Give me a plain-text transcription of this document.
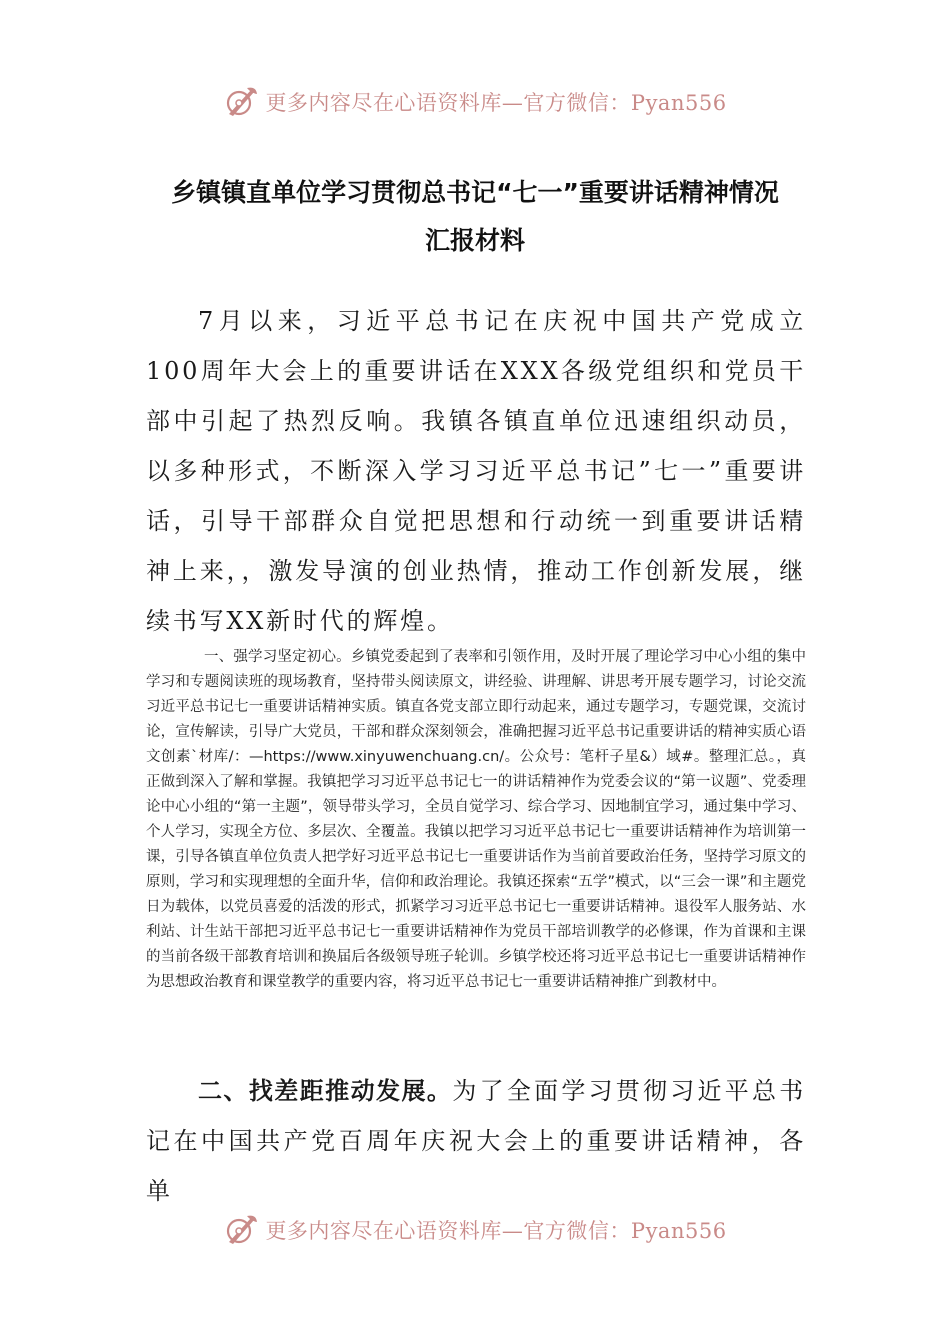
更多内容尽在心语资料库—官方微信：Pyan556
乡镇镇直单位学习贯彻总书记“七一”重要讲话精神情况
汇报材料

7月以来，习近平总书记在庆祝中国共产党成立100周年大会上的重要讲话在XXX各级党组织和党员干部中引起了热烈反响。我镇各镇直单位迅速组织动员，以多种形式，不断深入学习习近平总书记”七一”重要讲话，引导干部群众自觉把思想和行动统一到重要讲话精神上来，，激发导演的创业热情，推动工作创新发展，继续书写XX新时代的辉煌。

一、强学习坚定初心。乡镇党委起到了表率和引领作用，及时开展了理论学习中心小组的集中学习和专题阅读班的现场教育，坚持带头阅读原文，讲经验、讲理解、讲思考开展专题学习，讨论交流习近平总书记七一重要讲话精神实质。镇直各党支部立即行动起来，通过专题学习，专题党课，交流讨论，宣传解读，引导广大党员，干部和群众深刻领会，准确把握习近平总书记重要讲话的精神实质心语文创素`材库/：—https://www.xinyuwenchuang.cn/。公众号：笔杆子星&）域#。整理汇总。，真正做到深入了解和掌握。我镇把学习习近平总书记七一的讲话精神作为党委会议的“第一议题”、党委理论中心小组的“第一主题”，领导带头学习，全员自觉学习、综合学习、因地制宜学习，通过集中学习、个人学习，实现全方位、多层次、全覆盖。我镇以把学习习近平总书记七一重要讲话精神作为培训第一课，引导各镇直单位负责人把学好习近平总书记七一重要讲话作为当前首要政治任务，坚持学习原文的原则，学习和实现理想的全面升华，信仰和政治理论。我镇还探索“五学”模式，以“三会一课”和主题党日为载体，以党员喜爱的活泼的形式，抓紧学习习近平总书记七一重要讲话精神。退役军人服务站、水利站、计生站干部把习近平总书记七一重要讲话精神作为党员干部培训教学的必修课，作为首课和主课的当前各级干部教育培训和换届后各级领导班子轮训。乡镇学校还将习近平总书记七一重要讲话精神作为思想政治教育和课堂教学的重要内容，将习近平总书记七一重要讲话精神推广到教材中。

二、找差距推动发展。为了全面学习贯彻习近平总书记在中国共产党百周年庆祝大会上的重要讲话精神，各单

更多内容尽在心语资料库—官方微信：Pyan556
